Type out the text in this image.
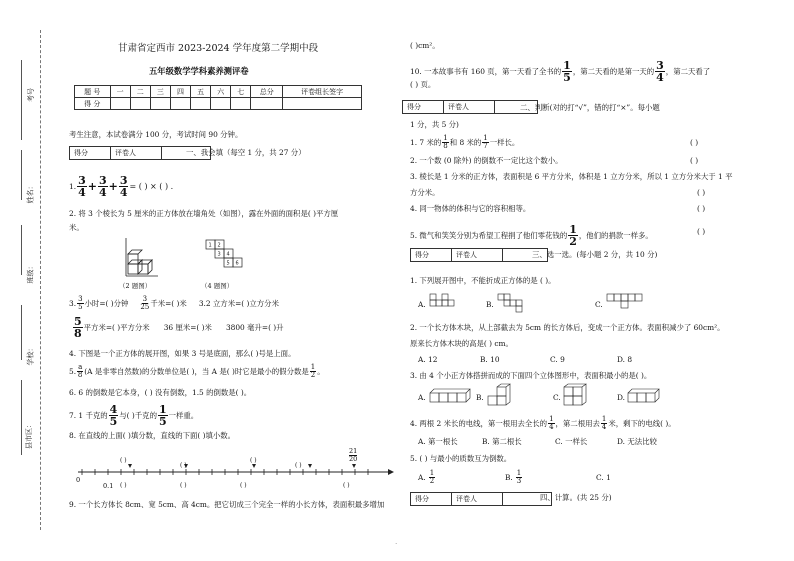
考号
姓名：
班级：
学校：
县市区：
甘肃省定西市 2023-2024 学年度第二学期中段
五年级数学学科素养测评卷
题 号	一	二	三	四	五	六	七	总分	评卷组长签字
得 分									
考生注意，本试卷满分 100 分，考试时间 90 分钟。
得分	评卷人		一、我会填（每空 1 分，共 27 分）
1. $\frac{3}{4} + \frac{3}{4} + \frac{3}{4}$ = ( ) × ( ) .
2. 将 3 个棱长为 5 厘米的正方体放在墙角处（如图），露在外面的面积是( )平方厘
米。
（2 题图）
1 2
3 4
5 6
（4 题图）
3. $\frac{3}{5}$ 小时=( )分钟 $\frac{3}{25}$ 千米=( )米 3.2 立方米=( )立方分米
$\frac{5}{8}$ 平方米=( )平方分米 36 厘米=( )米 3800 毫升=( )升
4. 下图是一个正方体的展开图，如果 3 号是底面，那么( )号是上面。
5. $\frac{a}{8} (A$ 是非零自然数)的分数单位是( )，当 A 是( )时它是最小的假分数是 $\frac{1}{2}$ 。
6. 6 的倒数是它本身，( ) 没有倒数，1.5 的倒数是( )。
7. 1 千克的 $\frac{4}{5}$ 与( )千克的 $\frac{1}{5}$ 一样重。
8. 在直线的上面( )填分数，直线的下面( )填小数。
21
20
( )
( )
( )
( )
( )
( )	( )	( )
0
0.1
9. 一个长方体长 8cm、宽 5cm、高 4cm。把它切成三个完全一样的小长方体，表面积最多增加
( )cm²。
10. 一本故事书有 160 页，第一天看了全书的 $\frac{1}{5}$ ，第二天看的是第一天的 $\frac{3}{4}$ ，第二天看了
( ) 页。
得分	评卷人		二、判断(对的打“√”，错的打“×”。每小题
1 分，共 5 分)
1. 7 米的 $\frac{1}{8}$ 和 8 米的 $\frac{1}{7}$ 一样长。	( )
2. 一个数 (0 除外) 的倒数不一定比这个数小。	( )
3. 棱长是 1 分米的正方体，表面积是 6 平方分米，体积是 1 立方分米，所以 1 立方分米大于 1 平
方分米。	( )
4. 同一物体的体积与它的容积相等。	( )
5. 微气和笑笑分别为希望工程捐了他们零花钱的 $\frac{1}{2}$ ，他们的捐款一样多。	( )
得分	评卷人		三、选一选。(每小题 2 分，共 10 分)
1. 下列展开图中，不能折成正方体的是 ( )。
A.	B.	C.
2. 一个长方体木块，从上部截去为 5cm 的长方体后，变成一个正方体。表面积减少了 60cm²。
原来长方体木块的高是( ) cm。
A. 12	B. 10	C. 9	D. 8
3. 由 4 个小正方体搭拼而成的下面四个立体图形中，表面积最小的是( )。
A.	B.	C.	D.
4. 两根 2 米长的电线，第一根用去全长的 $\frac{1}{4}$ ，第二根用去 $\frac{1}{4}$ 米，剩下的电线( )。
A. 第一根长	B. 第二根长	C. 一样长	D. 无法比较
5. ( ) 与最小的质数互为倒数。
A. $\frac{1}{2}$	B. $\frac{1}{3}$	C. 1
得分	评卷人		四、计算。(共 25 分)
·
